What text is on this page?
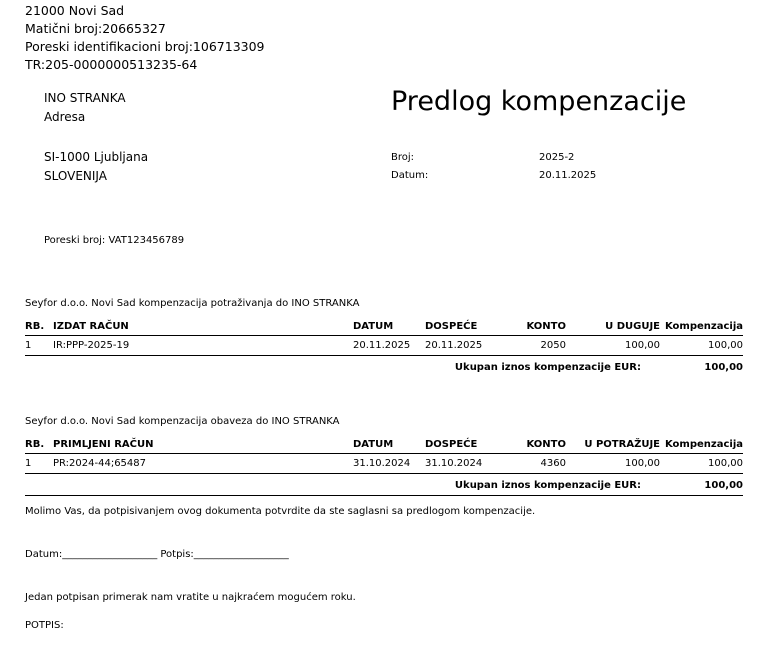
21000 Novi Sad
Matični broj:20665327
Poreski identifikacioni broj:106713309
TR:205-0000000513235-64
INO STRANKA
Adresa
SI-1000 Ljubljana
SLOVENIJA
Poreski broj: VAT123456789
Predlog kompenzacije
Broj:	2025-2
Datum:	20.11.2025
Seyfor d.o.o. Novi Sad kompenzacija potraživanja do INO STRANKA
RB.	IZDAT RAČUN	DATUM	DOSPEĆE	KONTO	U DUGUJE	Kompenzacija
1	IR:PPP-2025-19	20.11.2025	20.11.2025	2050	100,00	100,00
Ukupan iznos kompenzacije EUR:	100,00
Seyfor d.o.o. Novi Sad kompenzacija obaveza do INO STRANKA
RB.	PRIMLJENI RAČUN	DATUM	DOSPEĆE	KONTO	U POTRAŽUJE	Kompenzacija
1	PR:2024-44;65487	31.10.2024	31.10.2024	4360	100,00	100,00
Ukupan iznos kompenzacije EUR:	100,00
Molimo Vas, da potpisivanjem ovog dokumenta potvrdite da ste saglasni sa predlogom kompenzacije.
Datum:___________________ Potpis:___________________
Jedan potpisan primerak nam vratite u najkraćem mogućem roku.
POTPIS:
